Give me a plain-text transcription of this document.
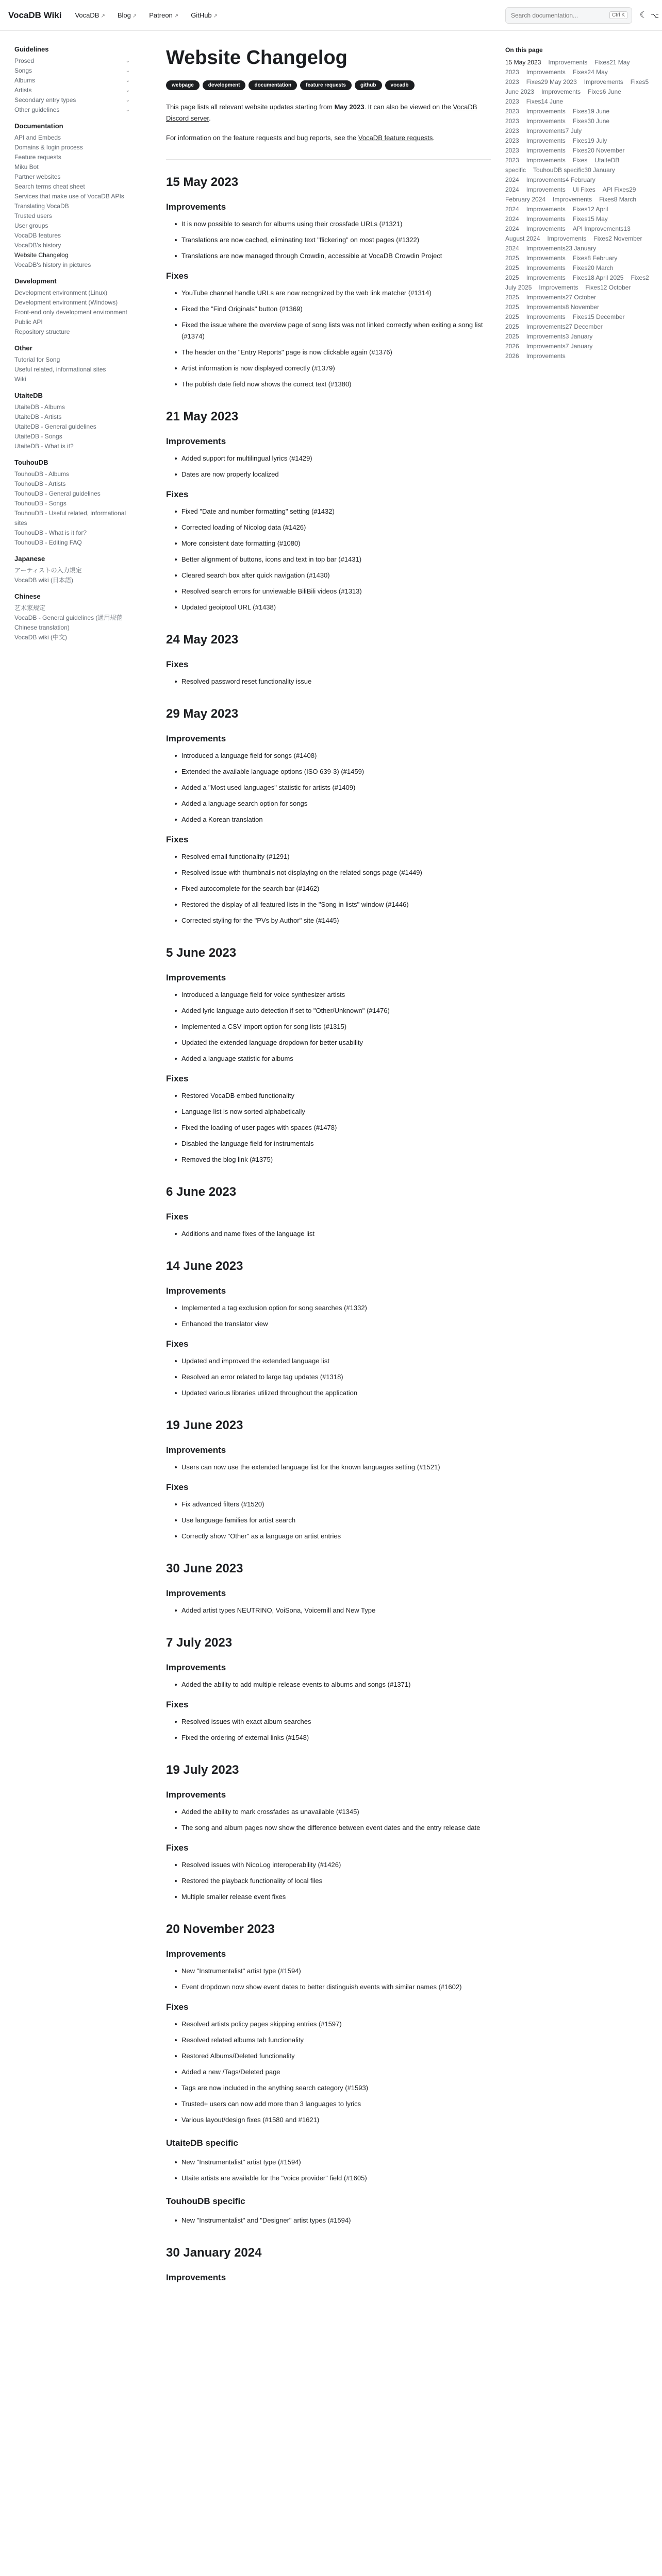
VocaDB Wiki VocaDB ↗ Blog ↗ Patreon ↗ GitHub ↗	Search documentation...	Ctrl K	☾ ⌥
Guidelines
Prosed	⌄
Songs	⌄
Albums	⌄
Artists	⌄
Secondary entry types	⌄
Other guidelines	⌄
Documentation
API and Embeds
Domains & login process
Feature requests
Miku Bot
Partner websites
Search terms cheat sheet
Services that make use of VocaDB APIs
Translating VocaDB
Trusted users
User groups
VocaDB features
VocaDB's history
Website Changelog
VocaDB's history in pictures
Development
Development environment (Linux)
Development environment (Windows)
Front-end only development environment
Public API
Repository structure
Other
Tutorial for Song
Useful related, informational sites
Wiki
UtaiteDB
UtaiteDB - Albums
UtaiteDB - Artists
UtaiteDB - General guidelines
UtaiteDB - Songs
UtaiteDB - What is it?
TouhouDB
TouhouDB - Albums
TouhouDB - Artists
TouhouDB - General guidelines
TouhouDB - Songs
TouhouDB - Useful related, informational sites
TouhouDB - What is it for?
TouhouDB - Editing FAQ
Japanese
アーティストの入力規定
VocaDB wiki (日本語)
Chinese
艺术家规定
VocaDB - General guidelines (通用规范Chinese translation)
VocaDB wiki (中文)
Website Changelog
webpage	development	documentation	feature requests	github	vocadb

This page lists all relevant website updates starting from May 2023. It can also be viewed on the VocaDB Discord server.

For information on the feature requests and bug reports, see the VocaDB feature requests.

15 May 2023
Improvements
It is now possible to search for albums using their crossfade URLs (#1321)
Translations are now cached, eliminating text "flickering" on most pages (#1322)
Translations are now managed through Crowdin, accessible at VocaDB Crowdin Project
Fixes
YouTube channel handle URLs are now recognized by the web link matcher (#1314)
Fixed the "Find Originals" button (#1369)
Fixed the issue where the overview page of song lists was not linked correctly when exiting a song list (#1374)
The header on the "Entry Reports" page is now clickable again (#1376)
Artist information is now displayed correctly (#1379)
The publish date field now shows the correct text (#1380)
21 May 2023
Improvements
Added support for multilingual lyrics (#1429)
Dates are now properly localized
Fixes
Fixed "Date and number formatting" setting (#1432)
Corrected loading of Nicolog data (#1426)
More consistent date formatting (#1080)
Better alignment of buttons, icons and text in top bar (#1431)
Cleared search box after quick navigation (#1430)
Resolved search errors for unviewable BiliBili videos (#1313)
Updated geoiptool URL (#1438)
24 May 2023
Fixes
Resolved password reset functionality issue
29 May 2023
Improvements
Introduced a language field for songs (#1408)
Extended the available language options (ISO 639-3) (#1459)
Added a "Most used languages" statistic for artists (#1409)
Added a language search option for songs
Added a Korean translation
Fixes
Resolved email functionality (#1291)
Resolved issue with thumbnails not displaying on the related songs page (#1449)
Fixed autocomplete for the search bar (#1462)
Restored the display of all featured lists in the "Song in lists" window (#1446)
Corrected styling for the "PVs by Author" site (#1445)
5 June 2023
Improvements
Introduced a language field for voice synthesizer artists
Added lyric language auto detection if set to "Other/Unknown" (#1476)
Implemented a CSV import option for song lists (#1315)
Updated the extended language dropdown for better usability
Added a language statistic for albums
Fixes
Restored VocaDB embed functionality
Language list is now sorted alphabetically
Fixed the loading of user pages with spaces (#1478)
Disabled the language field for instrumentals
Removed the blog link (#1375)
6 June 2023
Fixes
Additions and name fixes of the language list
14 June 2023
Improvements
Implemented a tag exclusion option for song searches (#1332)
Enhanced the translator view
Fixes
Updated and improved the extended language list
Resolved an error related to large tag updates (#1318)
Updated various libraries utilized throughout the application
19 June 2023
Improvements
Users can now use the extended language list for the known languages setting (#1521)
Fixes
Fix advanced filters (#1520)
Use language families for artist search
Correctly show "Other" as a language on artist entries
30 June 2023
Improvements
Added artist types NEUTRINO, VoiSona, Voicemill and New Type
7 July 2023
Improvements
Added the ability to add multiple release events to albums and songs (#1371)
Fixes
Resolved issues with exact album searches
Fixed the ordering of external links (#1548)
19 July 2023
Improvements
Added the ability to mark crossfades as unavailable (#1345)
The song and album pages now show the difference between event dates and the entry release date
Fixes
Resolved issues with NicoLog interoperability (#1426)
Restored the playback functionality of local files
Multiple smaller release event fixes
20 November 2023
Improvements
New "Instrumentalist" artist type (#1594)
Event dropdown now show event dates to better distinguish events with similar names (#1602)
Fixes
Resolved artists policy pages skipping entries (#1597)
Resolved related albums tab functionality
Restored Albums/Deleted functionality
Added a new /Tags/Deleted page
Tags are now included in the anything search category (#1593)
Trusted+ users can now add more than 3 languages to lyrics
Various layout/design fixes (#1580 and #1621)
UtaiteDB specific
New "Instrumentalist" artist type (#1594)
Utaite artists are available for the "voice provider" field (#1605)
TouhouDB specific
New "Instrumentalist" and "Designer" artist types (#1594)
30 January 2024
Improvements
On this page
15 May 2023 Improvements Fixes21 May 2023 Improvements Fixes24 May 2023 Fixes29 May 2023 Improvements Fixes5 June 2023 Improvements Fixes6 June 2023 Fixes14 June 2023 Improvements Fixes19 June 2023 Improvements Fixes30 June 2023 Improvements7 July 2023 Improvements Fixes19 July 2023 Improvements Fixes20 November 2023 Improvements Fixes UtaiteDB specific TouhouDB specific30 January 2024 Improvements4 February 2024 Improvements UI Fixes API Fixes29 February 2024 Improvements Fixes8 March 2024 Improvements Fixes12 April 2024 Improvements Fixes15 May 2024 Improvements API Improvements13 August 2024 Improvements Fixes2 November 2024 Improvements23 January 2025 Improvements Fixes8 February 2025 Improvements Fixes20 March 2025 Improvements Fixes18 April 2025 Fixes2 July 2025 Improvements Fixes12 October 2025 Improvements27 October 2025 Improvements8 November 2025 Improvements Fixes15 December 2025 Improvements27 December 2025 Improvements3 January 2026 Improvements7 January 2026 Improvements
